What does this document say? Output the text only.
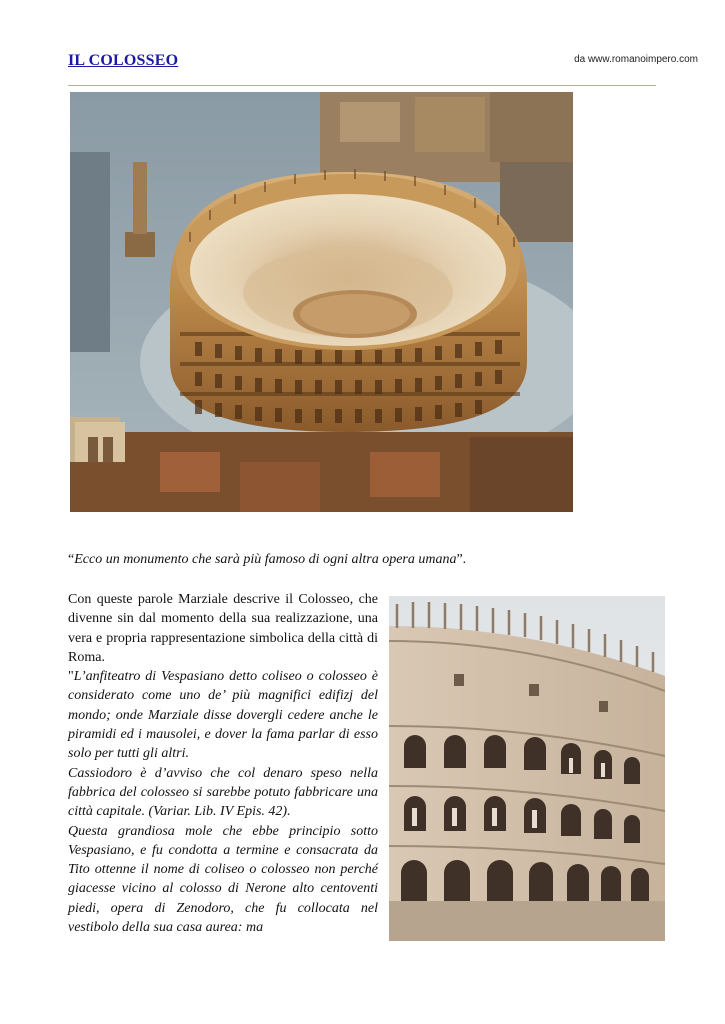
IL COLOSSEO	da www.romanoimpero.com
“Ecco un monumento che sarà più famoso di ogni altra opera umana”.

Con queste parole Marziale descrive il Colosseo, che divenne sin dal momento della sua realizzazione, una vera e propria rappresentazione simbolica della città di Roma.

"L’anfiteatro di Vespasiano detto coliseo o colosseo è considerato come uno de’ più magnifici edifizj del mondo; onde Marziale disse dovergli cedere anche le piramidi ed i mausolei, e dover la fama parlar di esso solo per tutti gli altri.

Cassiodoro è d’avviso che col denaro speso nella fabbrica del colosseo si sarebbe potuto fabbricare una città capitale. (Variar. Lib. IV Epis. 42).

Questa grandiosa mole che ebbe principio sotto Vespasiano, e fu condotta a termine e consacrata da Tito ottenne il nome di coliseo o colosseo non perché giacesse vicino al colosso di Nerone alto centoventi piedi, opera di Zenodoro, che fu collocata nel vestibolo della sua casa aurea: ma
